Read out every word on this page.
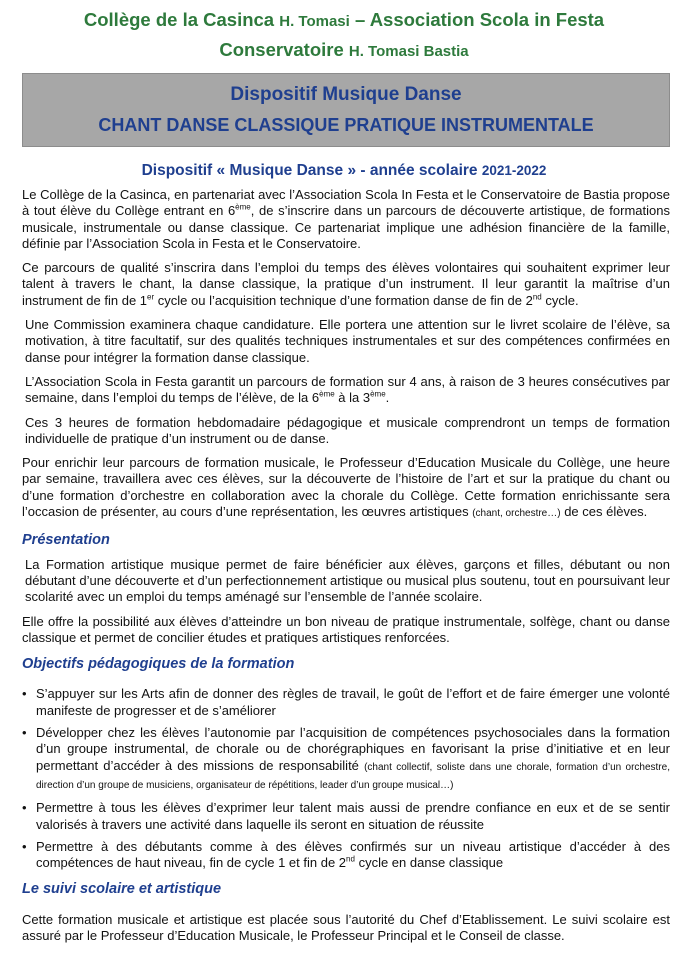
Collège de la Casinca H. Tomasi – Association Scola in Festa
Conservatoire H. Tomasi Bastia
Dispositif Musique Danse
CHANT DANSE CLASSIQUE PRATIQUE INSTRUMENTALE
Dispositif « Musique Danse » - année scolaire 2021-2022

Le Collège de la Casinca, en partenariat avec l’Association Scola In Festa et le Conservatoire de Bastia propose à tout élève du Collège entrant en 6ème, de s’inscrire dans un parcours de découverte artistique, de formations musicale, instrumentale ou danse classique. Ce partenariat implique une adhésion financière de la famille, définie par l’Association Scola in Festa et le Conservatoire.

Ce parcours de qualité s’inscrira dans l’emploi du temps des élèves volontaires qui souhaitent exprimer leur talent à travers le chant, la danse classique, la pratique d’un instrument. Il leur garantit la maîtrise d’un instrument de fin de 1er cycle ou l’acquisition technique d’une formation danse de fin de 2nd cycle.

Une Commission examinera chaque candidature. Elle portera une attention sur le livret scolaire de l’élève, sa motivation, à titre facultatif, sur des qualités techniques instrumentales et sur des compétences confirmées en danse pour intégrer la formation danse classique.

L’Association Scola in Festa garantit un parcours de formation sur 4 ans, à raison de 3 heures consécutives par semaine, dans l’emploi du temps de l’élève, de la 6ème à la 3ème.

Ces 3 heures de formation hebdomadaire pédagogique et musicale comprendront un temps de formation individuelle de pratique d’un instrument ou de danse.

Pour enrichir leur parcours de formation musicale, le Professeur d’Education Musicale du Collège, une heure par semaine, travaillera avec ces élèves, sur la découverte de l’histoire de l’art et sur la pratique du chant ou d’une formation d’orchestre en collaboration avec la chorale du Collège. Cette formation enrichissante sera l’occasion de présenter, au cours d’une représentation, les œuvres artistiques (chant, orchestre…) de ces élèves.

Présentation

La Formation artistique musique permet de faire bénéficier aux élèves, garçons et filles, débutant ou non débutant d’une découverte et d’un perfectionnement artistique ou musical plus soutenu, tout en poursuivant leur scolarité avec un emploi du temps aménagé sur l’ensemble de l’année scolaire.

Elle offre la possibilité aux élèves d’atteindre un bon niveau de pratique instrumentale, solfège, chant ou danse classique et permet de concilier études et pratiques artistiques renforcées.

Objectifs pédagogiques de la formation
• S’appuyer sur les Arts afin de donner des règles de travail, le goût de l’effort et de faire émerger une volonté manifeste de progresser et de s’améliorer
• Développer chez les élèves l’autonomie par l’acquisition de compétences psychosociales dans la formation d’un groupe instrumental, de chorale ou de chorégraphiques en favorisant la prise d’initiative et en leur permettant d’accéder à des missions de responsabilité (chant collectif, soliste dans une chorale, formation d’un orchestre, direction d’un groupe de musiciens, organisateur de répétitions, leader d’un groupe musical…)
• Permettre à tous les élèves d’exprimer leur talent mais aussi de prendre confiance en eux et de se sentir valorisés à travers une activité dans laquelle ils seront en situation de réussite
• Permettre à des débutants comme à des élèves confirmés sur un niveau artistique d’accéder à des compétences de haut niveau, fin de cycle 1 et fin de 2nd cycle en danse classique
Le suivi scolaire et artistique

Cette formation musicale et artistique est placée sous l’autorité du Chef d’Etablissement. Le suivi scolaire est assuré par le Professeur d’Education Musicale, le Professeur Principal et le Conseil de classe.
